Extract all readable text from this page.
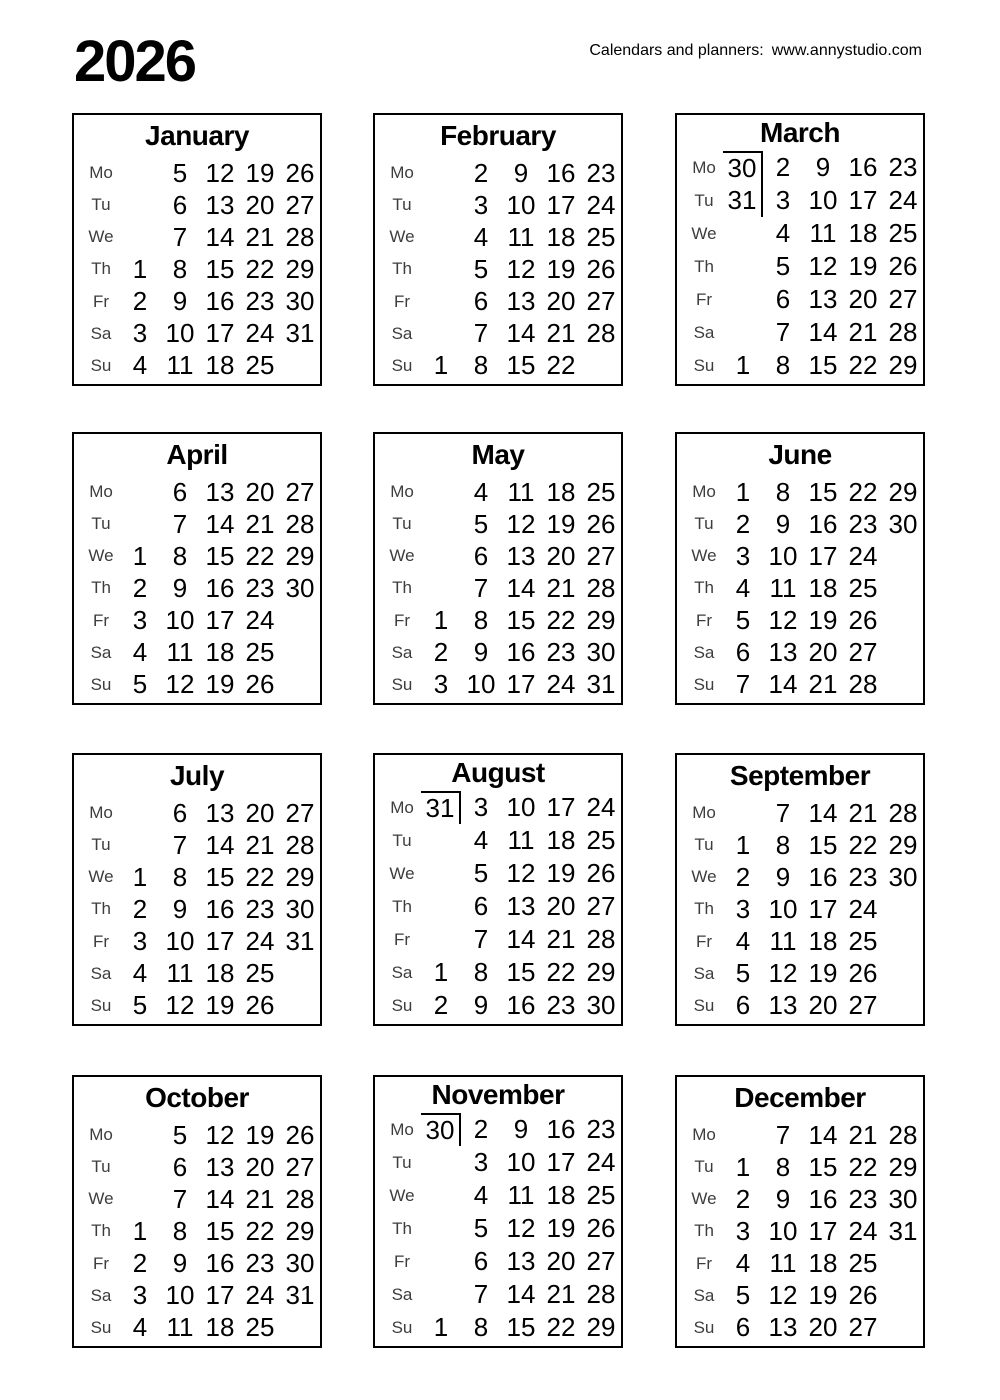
2026	Calendars and planners: www.annystudio.com
January
Mo	5 12 19 26
Tu	6 13 20 27
We	7 14 21 28
Th 1 8 15 22 29
Fr 2 9 16 23 30
Sa 3 10 17 24 31
Su 4 11 18 25
February
Mo	2 9 16 23
Tu	3 10 17 24
We	4 11 18 25
Th	5 12 19 26
Fr	6 13 20 27
Sa	7 14 21 28
Su 1 8 15 22
March
Mo 30 2 9 16 23
Tu 31 3 10 17 24
We	4 11 18 25
Th	5 12 19 26
Fr	6 13 20 27
Sa	7 14 21 28
Su 1 8 15 22 29
April
Mo	6 13 20 27
Tu	7 14 21 28
We 1 8 15 22 29
Th 2 9 16 23 30
Fr 3 10 17 24
Sa 4 11 18 25
Su 5 12 19 26
May
Mo	4 11 18 25
Tu	5 12 19 26
We	6 13 20 27
Th	7 14 21 28
Fr 1 8 15 22 29
Sa 2 9 16 23 30
Su 3 10 17 24 31
June
Mo 1 8 15 22 29
Tu 2 9 16 23 30
We 3 10 17 24
Th 4 11 18 25
Fr 5 12 19 26
Sa 6 13 20 27
Su 7 14 21 28
July
Mo	6 13 20 27
Tu	7 14 21 28
We 1 8 15 22 29
Th 2 9 16 23 30
Fr 3 10 17 24 31
Sa 4 11 18 25
Su 5 12 19 26
August
Mo 31 3 10 17 24
Tu	4 11 18 25
We	5 12 19 26
Th	6 13 20 27
Fr	7 14 21 28
Sa 1 8 15 22 29
Su 2 9 16 23 30
September
Mo	7 14 21 28
Tu 1 8 15 22 29
We 2 9 16 23 30
Th 3 10 17 24
Fr 4 11 18 25
Sa 5 12 19 26
Su 6 13 20 27
October
Mo	5 12 19 26
Tu	6 13 20 27
We	7 14 21 28
Th 1 8 15 22 29
Fr 2 9 16 23 30
Sa 3 10 17 24 31
Su 4 11 18 25
November
Mo 30 2 9 16 23
Tu	3 10 17 24
We	4 11 18 25
Th	5 12 19 26
Fr	6 13 20 27
Sa	7 14 21 28
Su 1 8 15 22 29
December
Mo	7 14 21 28
Tu 1 8 15 22 29
We 2 9 16 23 30
Th 3 10 17 24 31
Fr 4 11 18 25
Sa 5 12 19 26
Su 6 13 20 27
